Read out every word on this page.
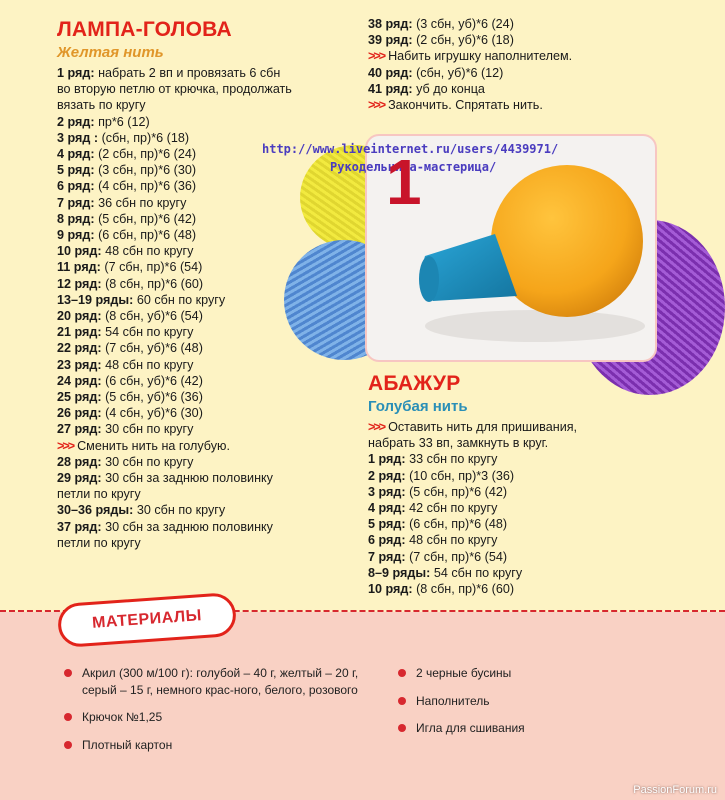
ЛАМПА-ГОЛОВА
Желтая нить
1 ряд: набрать 2 вп и провязать 6 сбн
во вторую петлю от крючка, продолжать
вязать по кругу
2 ряд: пр*6 (12)
3 ряд : (сбн, пр)*6 (18)
4 ряд: (2 сбн, пр)*6 (24)
5 ряд: (3 сбн, пр)*6 (30)
6 ряд: (4 сбн, пр)*6 (36)
7 ряд: 36 сбн по кругу
8 ряд: (5 сбн, пр)*6 (42)
9 ряд: (6 сбн, пр)*6 (48)
10 ряд: 48 сбн по кругу
11 ряд: (7 сбн, пр)*6 (54)
12 ряд: (8 сбн, пр)*6 (60)
13–19 ряды: 60 сбн по кругу
20 ряд: (8 сбн, уб)*6 (54)
21 ряд: 54 сбн по кругу
22 ряд: (7 сбн, уб)*6 (48)
23 ряд: 48 сбн по кругу
24 ряд: (6 сбн, уб)*6 (42)
25 ряд: (5 сбн, уб)*6 (36)
26 ряд: (4 сбн, уб)*6 (30)
27 ряд: 30 сбн по кругу
>>> Сменить нить на голубую.
28 ряд: 30 сбн по кругу
29 ряд: 30 сбн за заднюю половинку
петли по кругу
30–36 ряды: 30 сбн по кругу
37 ряд: 30 сбн за заднюю половинку
петли по кругу
38 ряд: (3 сбн, уб)*6 (24)
39 ряд: (2 сбн, уб)*6 (18)
>>> Набить игрушку наполнителем.
40 ряд: (сбн, уб)*6 (12)
41 ряд: уб до конца
>>> Закончить. Спрятать нить.
http://www.liveinternet.ru/users/4439971/
Рукодельница-мастерица/
1
АБАЖУР
Голубая нить
>>> Оставить нить для пришивания,
набрать 33 вп, замкнуть в круг.
1 ряд: 33 сбн по кругу
2 ряд: (10 сбн, пр)*3 (36)
3 ряд: (5 сбн, пр)*6 (42)
4 ряд: 42 сбн по кругу
5 ряд: (6 сбн, пр)*6 (48)
6 ряд: 48 сбн по кругу
7 ряд: (7 сбн, пр)*6 (54)
8–9 ряды: 54 сбн по кругу
10 ряд: (8 сбн, пр)*6 (60)
МАТЕРИАЛЫ
Акрил (300 м/100 г): голубой – 40 г, желтый – 20 г, серый – 15 г, немного крас-ного, белого, розового
Крючок №1,25
Плотный картон
2 черные бусины
Наполнитель
Игла для сшивания
PassionForum.ru
